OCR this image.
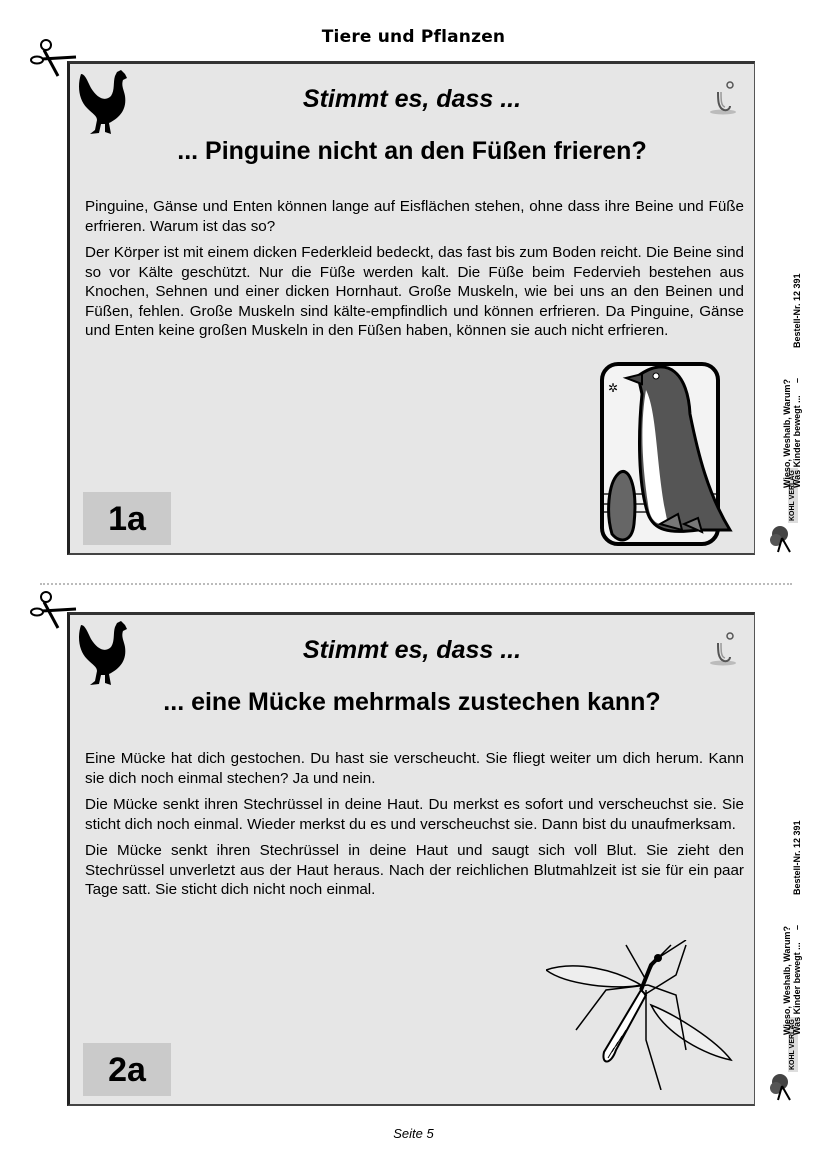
Tiere und Pflanzen
Stimmt es, dass ...
... Pinguine nicht an den Füßen frieren?

Pinguine, Gänse und Enten können lange auf Eisflächen stehen, ohne dass ihre Beine und Füße erfrieren. Warum ist das so?

Der Körper ist mit einem dicken Federkleid bedeckt, das fast bis zum Boden reicht. Die Beine sind so vor Kälte geschützt. Nur die Füße werden kalt. Die Füße beim Federvieh bestehen aus Knochen, Sehnen und einer dicken Hornhaut. Große Muskeln, wie bei uns an den Beinen und Füßen, fehlen. Große Muskeln sind kälte-empfindlich und können erfrieren. Da Pinguine, Gänse und Enten keine großen Muskeln in den Füßen haben, können sie auch nicht erfrieren.

✲
1a	KOHL VERLAG
Wieso, Weshalb, Warum? Was Kinder bewegt ...
–
Bestell-Nr. 12 391
Stimmt es, dass ...
... eine Mücke mehrmals zustechen kann?

Eine Mücke hat dich gestochen. Du hast sie verscheucht. Sie fliegt weiter um dich herum. Kann sie dich noch einmal stechen? Ja und nein.

Die Mücke senkt ihren Stechrüssel in deine Haut. Du merkst es sofort und verscheuchst sie. Sie sticht dich noch einmal. Wieder merkst du es und verscheuchst sie. Dann bist du unaufmerksam.

Die Mücke senkt ihren Stechrüssel in deine Haut und saugt sich voll Blut. Sie zieht den Stechrüssel unverletzt aus der Haut heraus. Nach der reichlichen Blutmahlzeit ist sie für ein paar Tage satt. Sie sticht dich nicht noch einmal.

2a	KOHL VERLAG
Wieso, Weshalb, Warum? Was Kinder bewegt ...
–
Bestell-Nr. 12 391
Seite 5
